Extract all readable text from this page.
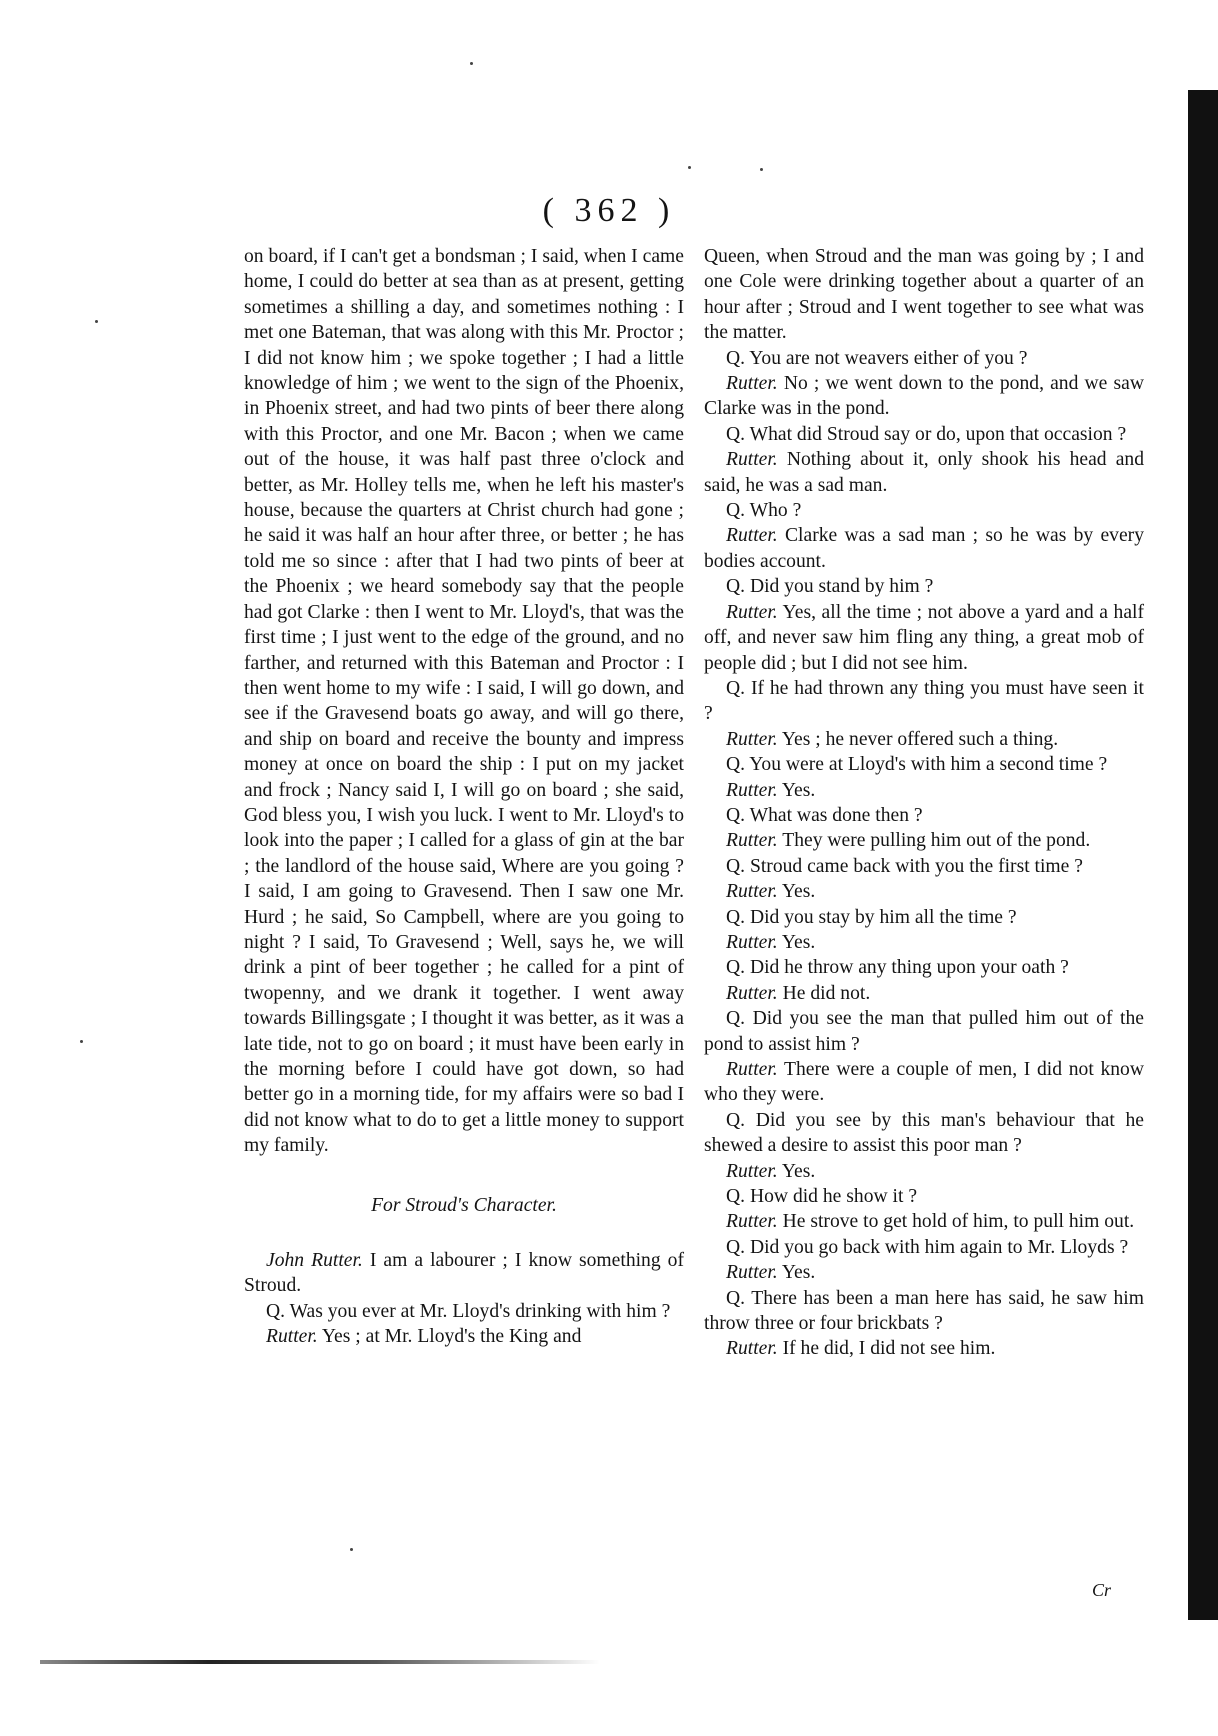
( 362 )

on board, if I can't get a bondsman ; I said, when I came home, I could do better at sea than as at present, getting sometimes a shilling a day, and sometimes nothing : I met one Bateman, that was along with this Mr. Proctor ; I did not know him ; we spoke together ; I had a little knowledge of him ; we went to the sign of the Phoenix, in Phoenix street, and had two pints of beer there along with this Proctor, and one Mr. Bacon ; when we came out of the house, it was half past three o'clock and better, as Mr. Holley tells me, when he left his master's house, because the quarters at Christ church had gone ; he said it was half an hour after three, or better ; he has told me so since : after that I had two pints of beer at the Phoenix ; we heard somebody say that the people had got Clarke : then I went to Mr. Lloyd's, that was the first time ; I just went to the edge of the ground, and no farther, and returned with this Bateman and Proctor : I then went home to my wife : I said, I will go down, and see if the Gravesend boats go away, and will go there, and ship on board and receive the bounty and impress money at once on board the ship : I put on my jacket and frock ; Nancy said I, I will go on board ; she said, God bless you, I wish you luck. I went to Mr. Lloyd's to look into the paper ; I called for a glass of gin at the bar ; the landlord of the house said, Where are you going ? I said, I am going to Gravesend. Then I saw one Mr. Hurd ; he said, So Campbell, where are you going to night ? I said, To Gravesend ; Well, says he, we will drink a pint of beer together ; he called for a pint of twopenny, and we drank it together. I went away towards Billingsgate ; I thought it was better, as it was a late tide, not to go on board ; it must have been early in the morning before I could have got down, so had better go in a morning tide, for my affairs were so bad I did not know what to do to get a little money to support my family.

For Stroud's Character.

John Rutter. I am a labourer ; I know something of Stroud.

Q. Was you ever at Mr. Lloyd's drinking with him ?

Rutter. Yes ; at Mr. Lloyd's the King and

Queen, when Stroud and the man was going by ; I and one Cole were drinking together about a quarter of an hour after ; Stroud and I went together to see what was the matter.

Q. You are not weavers either of you ?

Rutter. No ; we went down to the pond, and we saw Clarke was in the pond.

Q. What did Stroud say or do, upon that occasion ?

Rutter. Nothing about it, only shook his head and said, he was a sad man.

Q. Who ?

Rutter. Clarke was a sad man ; so he was by every bodies account.

Q. Did you stand by him ?

Rutter. Yes, all the time ; not above a yard and a half off, and never saw him fling any thing, a great mob of people did ; but I did not see him.

Q. If he had thrown any thing you must have seen it ?

Rutter. Yes ; he never offered such a thing.

Q. You were at Lloyd's with him a second time ?

Rutter. Yes.

Q. What was done then ?

Rutter. They were pulling him out of the pond.

Q. Stroud came back with you the first time ?

Rutter. Yes.

Q. Did you stay by him all the time ?

Rutter. Yes.

Q. Did he throw any thing upon your oath ?

Rutter. He did not.

Q. Did you see the man that pulled him out of the pond to assist him ?

Rutter. There were a couple of men, I did not know who they were.

Q. Did you see by this man's behaviour that he shewed a desire to assist this poor man ?

Rutter. Yes.

Q. How did he show it ?

Rutter. He strove to get hold of him, to pull him out.

Q. Did you go back with him again to Mr. Lloyds ?

Rutter. Yes.

Q. There has been a man here has said, he saw him throw three or four brickbats ?

Rutter. If he did, I did not see him.

Cr
